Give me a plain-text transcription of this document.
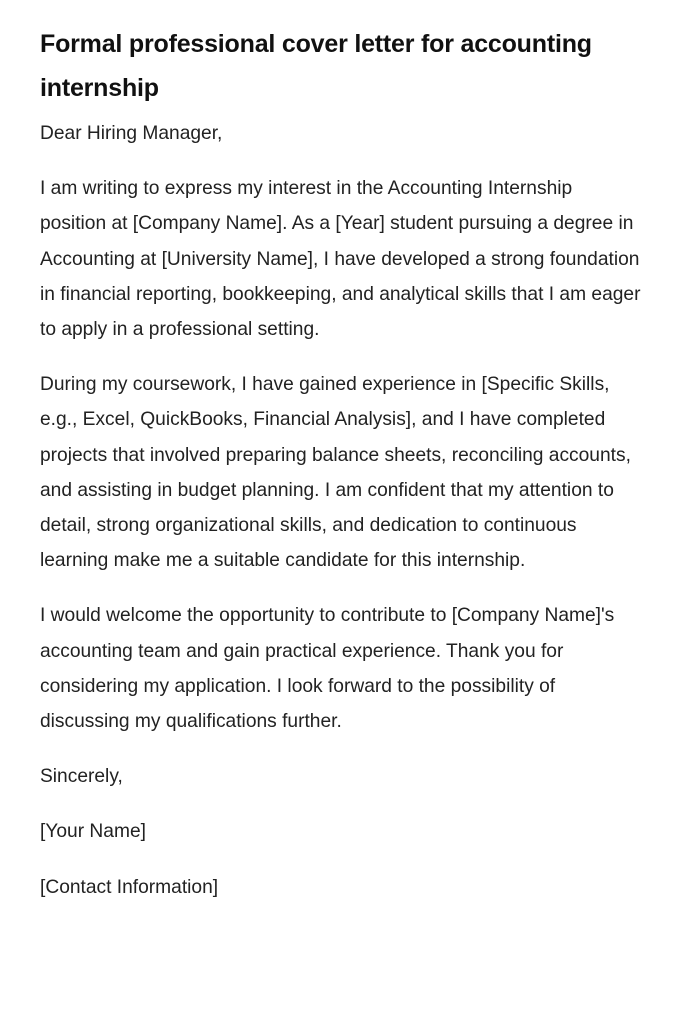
Formal professional cover letter for accounting internship

Dear Hiring Manager,

I am writing to express my interest in the Accounting Internship position at [Company Name]. As a [Year] student pursuing a degree in Accounting at [University Name], I have developed a strong foundation in financial reporting, bookkeeping, and analytical skills that I am eager to apply in a professional setting.

During my coursework, I have gained experience in [Specific Skills, e.g., Excel, QuickBooks, Financial Analysis], and I have completed projects that involved preparing balance sheets, reconciling accounts, and assisting in budget planning. I am confident that my attention to detail, strong organizational skills, and dedication to continuous learning make me a suitable candidate for this internship.

I would welcome the opportunity to contribute to [Company Name]'s accounting team and gain practical experience. Thank you for considering my application. I look forward to the possibility of discussing my qualifications further.

Sincerely,

[Your Name]

[Contact Information]
